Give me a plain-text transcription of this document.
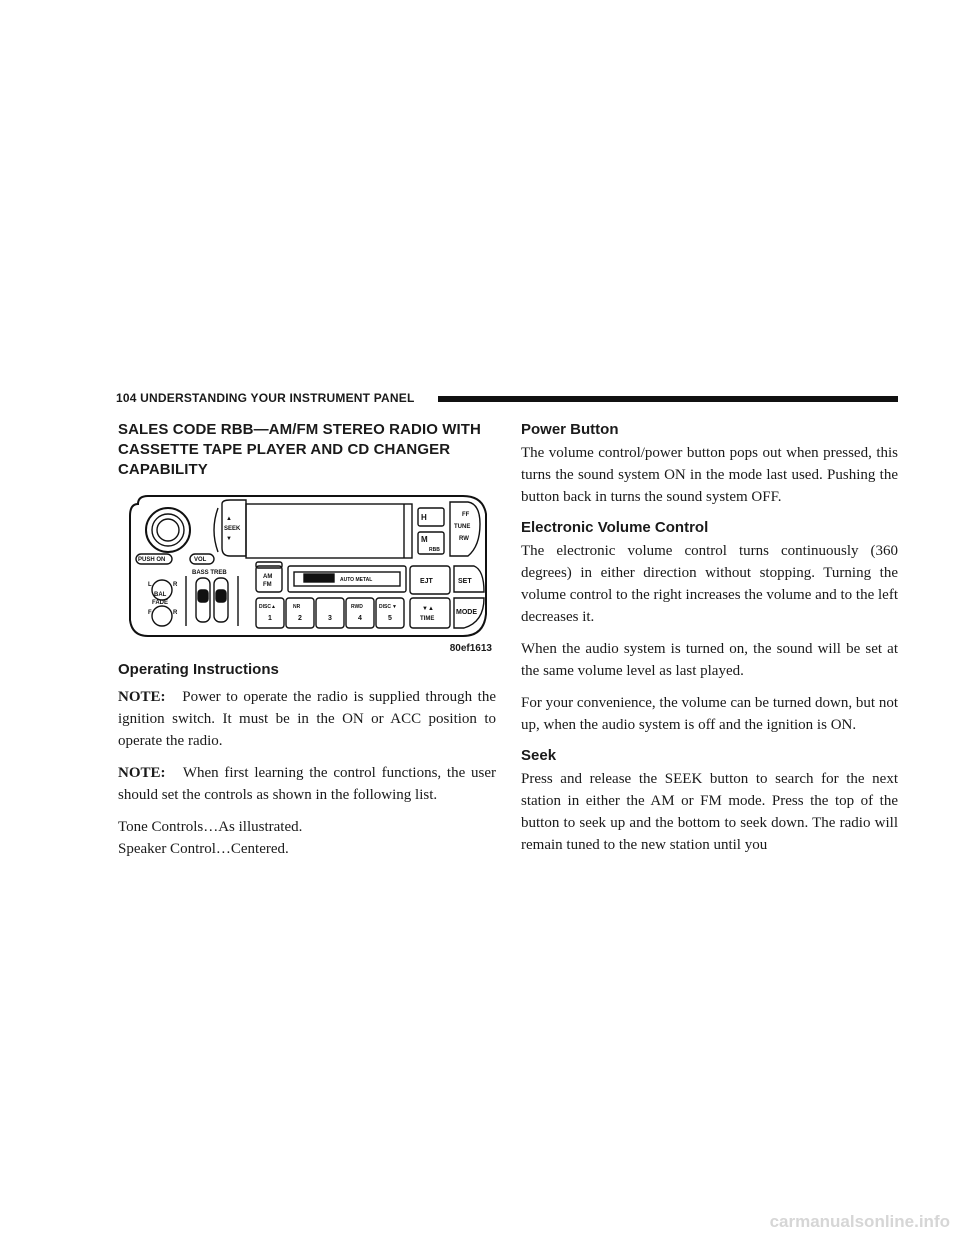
104 UNDERSTANDING YOUR INSTRUMENT PANEL
SALES CODE RBB—AM/FM STEREO RADIO WITH CASSETTE TAPE PLAYER AND CD CHANGER CAPABILITY
PUSH ON	VOL
▲
SEEK
▼
H
M
RBB
FF
TUNE
RW
BASS TREB
L	R
BAL
FADE
F	R
AM
FM
AUTO METAL	EJT	SET
MODE
DISC ▲
1
NR
2	3
RWD
4
DISC ▼
5
▼▲
TIME
80ef1613
Operating Instructions

NOTE: Power to operate the radio is supplied through the ignition switch. It must be in the ON or ACC position to operate the radio.

NOTE: When first learning the control functions, the user should set the controls as shown in the following list.

Tone Controls…As illustrated.

Speaker Control…Centered.

Power Button

The volume control/power button pops out when pressed, this turns the sound system ON in the mode last used. Pushing the button back in turns the sound system OFF.

Electronic Volume Control

The electronic volume control turns continuously (360 degrees) in either direction without stopping. Turning the volume control to the right increases the volume and to the left decreases it.

When the audio system is turned on, the sound will be set at the same volume level as last played.

For your convenience, the volume can be turned down, but not up, when the audio system is off and the ignition is ON.

Seek

Press and release the SEEK button to search for the next station in either the AM or FM mode. Press the top of the button to seek up and the bottom to seek down. The radio will remain tuned to the new station until you

carmanualsonline.info
